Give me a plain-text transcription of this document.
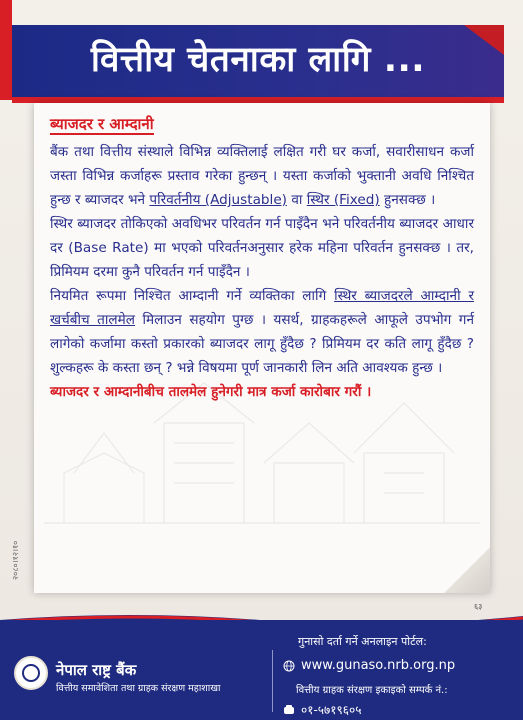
वित्तीय चेतनाका लागि ...
ब्याजदर र आम्दानी

बैंक तथा वित्तीय संस्थाले विभिन्न व्यक्तिलाई लक्षित गरी घर कर्जा, सवारीसाधन कर्जा जस्ता विभिन्न कर्जाहरू प्रस्ताव गरेका हुन्छन् । यस्ता कर्जाको भुक्तानी अवधि निश्चित हुन्छ र ब्याजदर भने परिवर्तनीय (Adjustable) वा स्थिर (Fixed) हुनसक्छ ।

स्थिर ब्याजदर तोकिएको अवधिभर परिवर्तन गर्न पाइँदैन भने परिवर्तनीय ब्याजदर आधार दर (Base Rate) मा भएको परिवर्तनअनुसार हरेक महिना परिवर्तन हुनसक्छ । तर, प्रिमियम दरमा कुनै परिवर्तन गर्न पाइँदैन ।

नियमित रूपमा निश्चित आम्दानी गर्ने व्यक्तिका लागि स्थिर ब्याजदरले आम्दानी र खर्चबीच तालमेल मिलाउन सहयोग पुग्छ । यसर्थ, ग्राहकहरूले आफूले उपभोग गर्न लागेको कर्जामा कस्तो प्रकारको ब्याजदर लागू हुँदैछ ? प्रिमियम दर कति लागू हुँदैछ ? शुल्कहरू के कस्ता छन् ? भन्ने विषयमा पूर्ण जानकारी लिन अति आवश्यक हुन्छ ।

ब्याजदर र आम्दानीबीच तालमेल हुनेगरी मात्र कर्जा कारोबार गरौं ।

६३
२०८०।१२।१०
नेपाल राष्ट्र बैंक
वित्तीय समावेशिता तथा ग्राहक संरक्षण महाशाखा
गुनासो दर्ता गर्ने अनलाइन पोर्टल:
www.gunaso.nrb.org.np
वित्तीय ग्राहक संरक्षण इकाइको सम्पर्क नं.:
०१-५७१९६०५
